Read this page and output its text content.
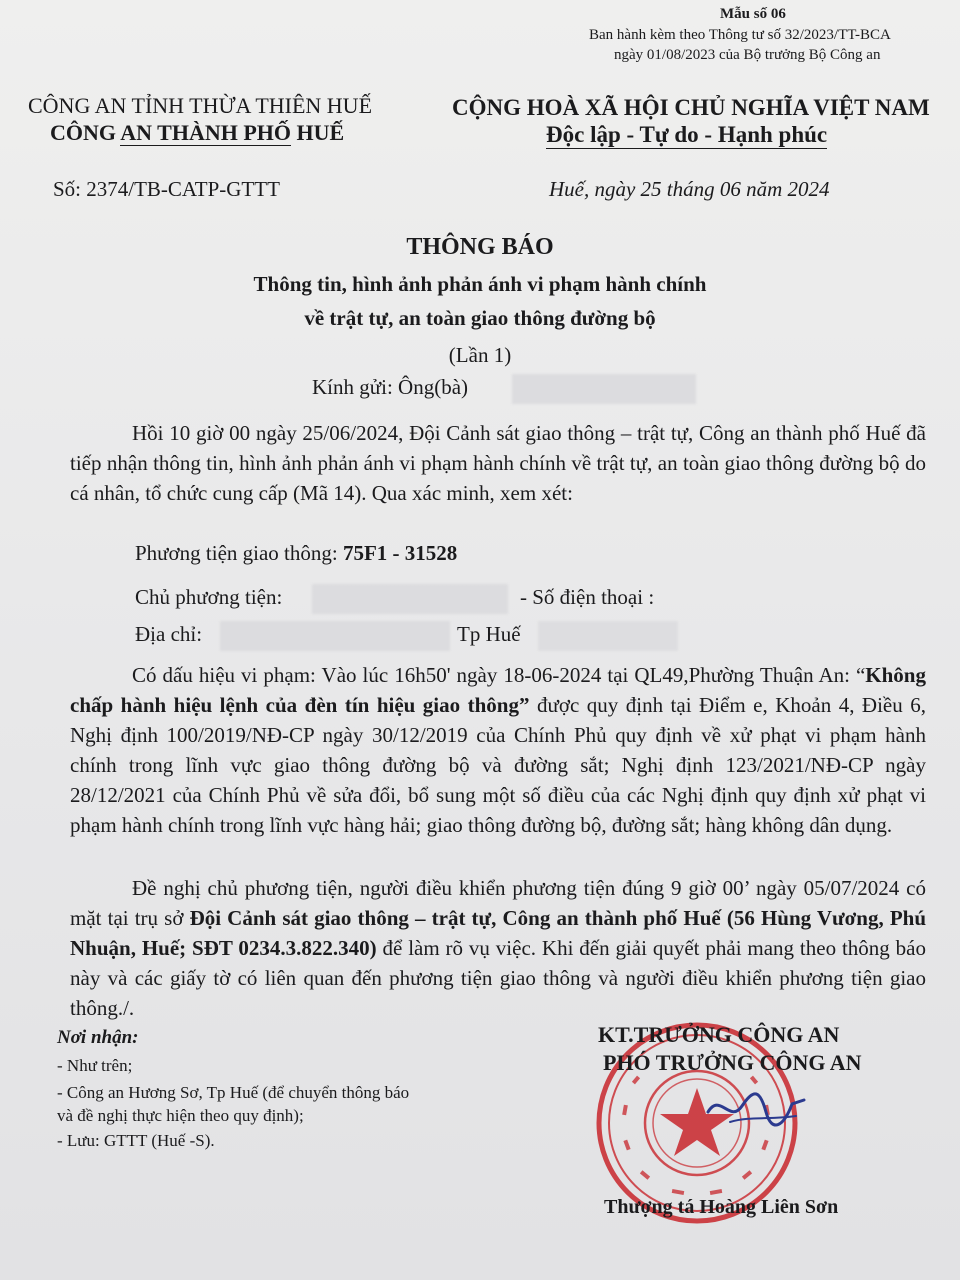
Mẫu số 06
Ban hành kèm theo Thông tư số 32/2023/TT-BCA
ngày 01/08/2023 của Bộ trưởng Bộ Công an
CÔNG AN TỈNH THỪA THIÊN HUẾ
CÔNG AN THÀNH PHỐ HUẾ
CỘNG HOÀ XÃ HỘI CHỦ NGHĨA VIỆT NAM
Độc lập - Tự do - Hạnh phúc
Số: 2374/TB-CATP-GTTT	Huế, ngày 25 tháng 06 năm 2024
THÔNG BÁO
Thông tin, hình ảnh phản ánh vi phạm hành chính
về trật tự, an toàn giao thông đường bộ
(Lần 1)
Kính gửi: Ông(bà)
Hồi 10 giờ 00 ngày 25/06/2024, Đội Cảnh sát giao thông – trật tự, Công an thành phố Huế đã tiếp nhận thông tin, hình ảnh phản ánh vi phạm hành chính về trật tự, an toàn giao thông đường bộ do cá nhân, tổ chức cung cấp (Mã 14). Qua xác minh, xem xét:
Phương tiện giao thông: 75F1 - 31528
Chủ phương tiện:	- Số điện thoại :
Địa chỉ:	Tp Huế
Có dấu hiệu vi phạm: Vào lúc 16h50' ngày 18-06-2024 tại QL49,Phường Thuận An: “Không chấp hành hiệu lệnh của đèn tín hiệu giao thông” được quy định tại Điểm e, Khoản 4, Điều 6, Nghị định 100/2019/NĐ-CP ngày 30/12/2019 của Chính Phủ quy định về xử phạt vi phạm hành chính trong lĩnh vực giao thông đường bộ và đường sắt; Nghị định 123/2021/NĐ-CP ngày 28/12/2021 của Chính Phủ về sửa đổi, bổ sung một số điều của các Nghị định quy định xử phạt vi phạm hành chính trong lĩnh vực hàng hải; giao thông đường bộ, đường sắt; hàng không dân dụng.
Đề nghị chủ phương tiện, người điều khiển phương tiện đúng 9 giờ 00’ ngày 05/07/2024 có mặt tại trụ sở Đội Cảnh sát giao thông – trật tự, Công an thành phố Huế (56 Hùng Vương, Phú Nhuận, Huế; SĐT 0234.3.822.340) để làm rõ vụ việc. Khi đến giải quyết phải mang theo thông báo này và các giấy tờ có liên quan đến phương tiện giao thông và người điều khiển phương tiện giao thông./.
Nơi nhận:
- Như trên;
- Công an Hương Sơ, Tp Huế (để chuyển thông báo
và đề nghị thực hiện theo quy định);
- Lưu: GTTT (Huế -S).
KT.TRƯỞNG CÔNG AN
PHÓ TRƯỞNG CÔNG AN
Thượng tá Hoàng Liên Sơn
